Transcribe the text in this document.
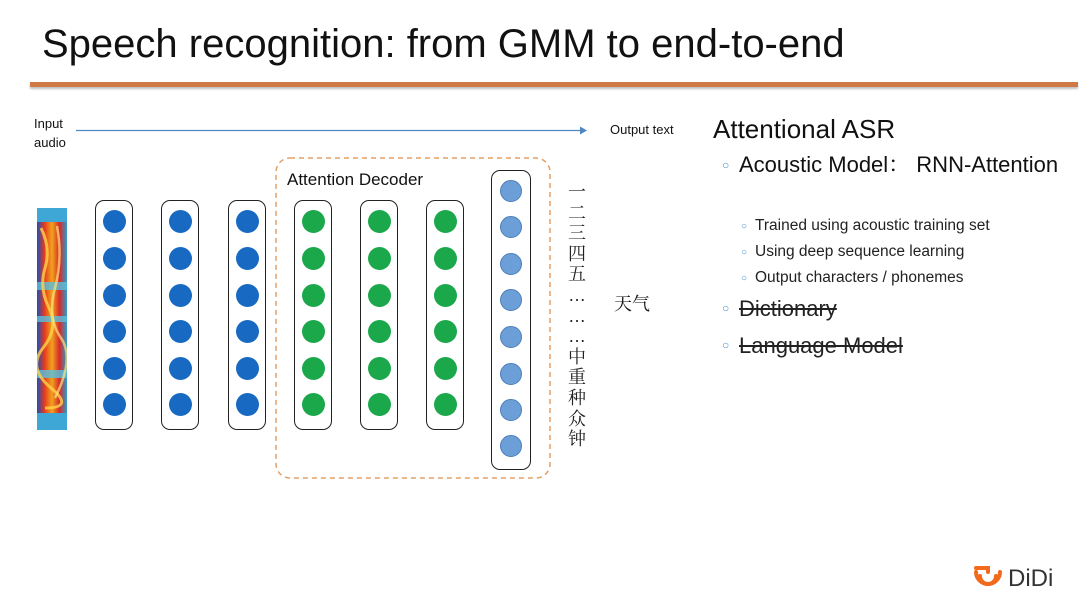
Speech recognition: from GMM to end-to-end
Input audio
Output text
Attention Decoder
一
二
三
四
五
…
…
…
中
重
种
众
钟
天气
Attentional ASR
○ Acoustic Model： RNN-Attention
○ Trained using acoustic training set
○ Using deep sequence learning
○ Output characters / phonemes
○ Dictionary
○ Language Model
DiDi
